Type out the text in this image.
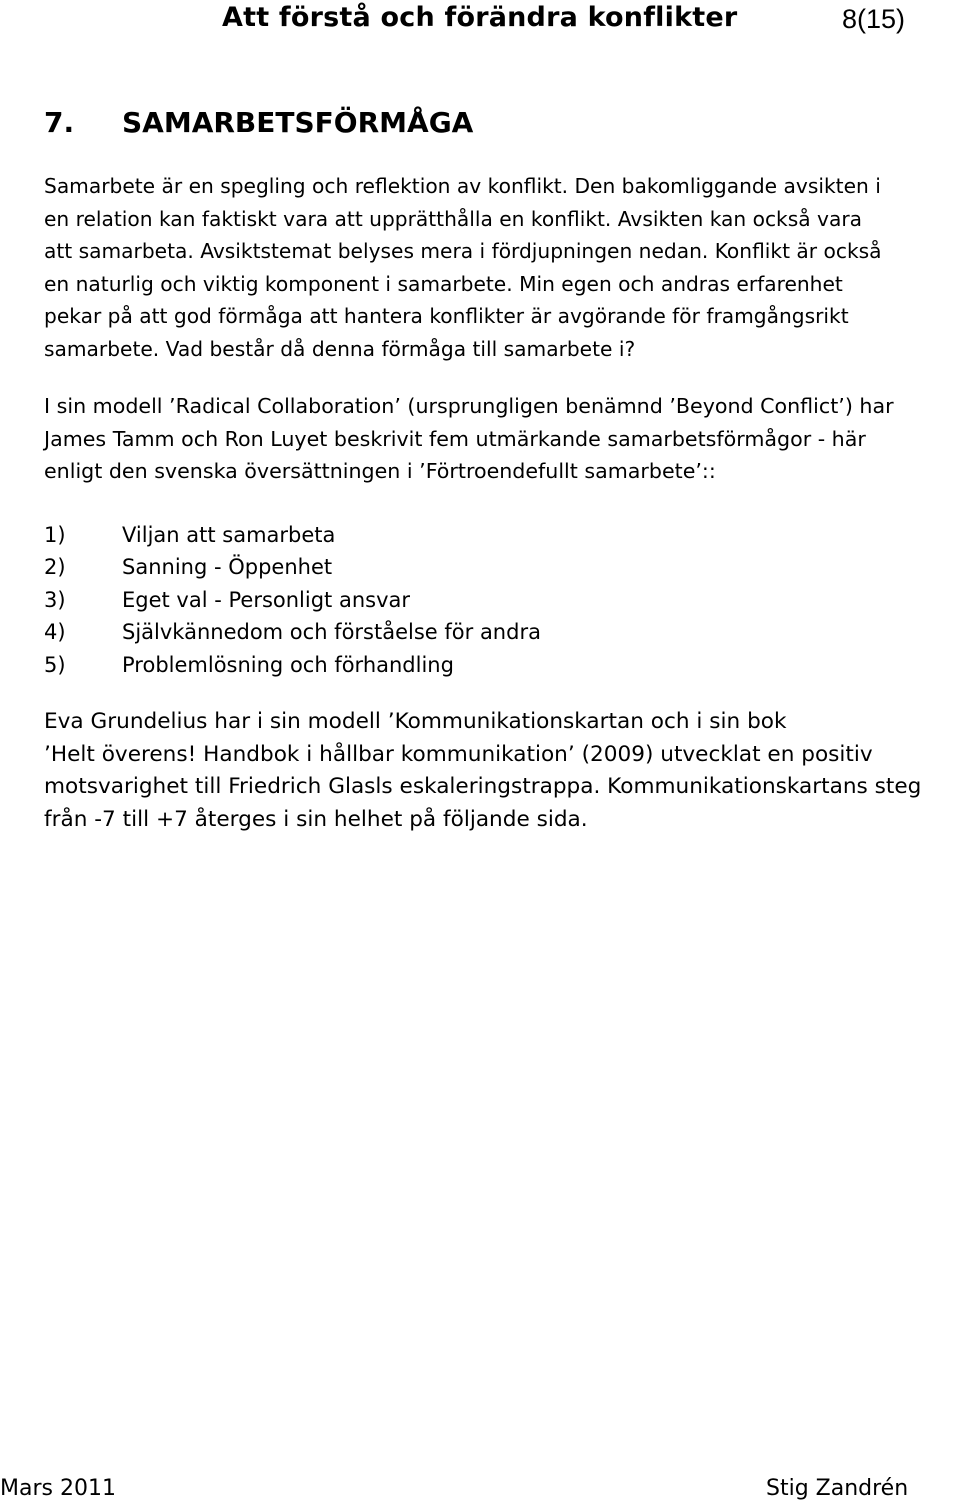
Att förstå och förändra konflikter	8(15)
7. SAMARBETSFÖRMÅGA

Samarbete är en spegling och reflektion av konflikt. Den bakomliggande avsikten i
en relation kan faktiskt vara att upprätthålla en konflikt. Avsikten kan också vara
att samarbeta. Avsiktstemat belyses mera i fördjupningen nedan. Konflikt är också
en naturlig och viktig komponent i samarbete. Min egen och andras erfarenhet
pekar på att god förmåga att hantera konflikter är avgörande för framgångsrikt
samarbete. Vad består då denna förmåga till samarbete i?

I sin modell ’Radical Collaboration’ (ursprungligen benämnd ’Beyond Conflict’) har
James Tamm och Ron Luyet beskrivit fem utmärkande samarbetsförmågor - här
enligt den svenska översättningen i ’Förtroendefullt samarbete’::

1)	Viljan att samarbeta
2)	Sanning - Öppenhet
3)	Eget val - Personligt ansvar
4)	Självkännedom och förståelse för andra
5)	Problemlösning och förhandling

Eva Grundelius har i sin modell ’Kommunikationskartan och i sin bok
’Helt överens! Handbok i hållbar kommunikation’ (2009) utvecklat en positiv
motsvarighet till Friedrich Glasls eskaleringstrappa. Kommunikationskartans steg
från -7 till +7 återges i sin helhet på följande sida.

Mars 2011	Stig Zandrén
